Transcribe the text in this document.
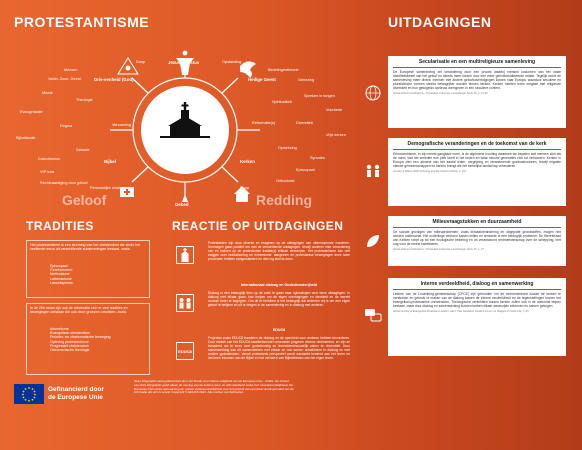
PROTESTANTISME
Jezus Christus
Drie-eenheid (God)	Heilige Geest
Bijbel	Kerken
Gebed
Doop
Mensen
Vader, Zoon, Geest
Missie
Theologie
Evangelisatie
Dogma
Bijbelstudie
Genade
Catechismus
VIP sola
Rechtvaardiging door geloof
Persoonlijke relatie
Verzoening
Opstanding
Bedelingentheorie
Genezing
Spreken in tongen
Spiritualiteit
Voorbede
Reformatie(s)	Diversiteit
Vrije kerken
Opwekking
Synodes
Episcopaal
Orthodoxie
Doop
Geloof	Redding
TRADITIES
Het protestantisme is een stroming van het christendom die sinds het zestiende eeuw uit verschillende substromingen bestaat, zoals:
Episcopaal
Gereformeerd
Methodisme
Lutheranisme
Lancelisphims
In de 20e eeuw zijn ook de reformatie zich er veel tradities en bewegingen ontstaan die ook deze groepen omvatten, zoals:
Adventisme
Evangelisch christendom
Pinkster- en charismatische beweging
Opleving protestantisme
Progressief christendom
Oecumenische theologie
REACTIE OP UITDAGINGEN
Protestanten zijn door diverse en reageren op de uitdagingen van uiteenlopende manieren. Sommigen gaan positief om met de verschillende uitdagingen, terwijl anderen elke verandering van en invloed op de protestantse traditie(s) kritisch verwerpen. Het protestantisme kan niet zwijgen over radicalisering en extremisme: aangezien de protestantse bewegingen deze twee processen hebben aangewakkerd en dat nog steeds doen.
Internationaal dialoog en Godsdienstvrijheid
Dialoog is een belangrijk item op de zoek te gaan naar oplossingen voor deze uitdagingen. In dialoog met elkaar gaan, kan helpen om de eigen overtuigingen en identiteit en de wereld rondom beter te begrijpen. Om dit te bereiken is het belangrijk dat iedereen vrij is om een eigen geloof te belijden en uit te dragen in de samenleving en in dialoog met anderen.
EDUC8
EDUC8
Projecten zoals EDUC8 bundelen de dialoog en de openheid voor anderen hebben bevorderen. Door middel van het EDUC8-kwaliteitsmodel ontmoeten jongeren diverse deelnemers, en zijn ze benaderd om te leren over godsdienstig en levensbeschouwelijk zaken en diversiteit. Door samenwerking kan dit samenwerken met elkaar en ook samen ontwikkelen in dialoog en met andere godsdiensten. Vanuit protestants perspectief wordt aandacht besteed aan het leven en het leren inkomen van de Bijbel en het verhalen van Bijbelteksten van het eigen leven.
Gefinancierd door
de Europese Unie
Deze infographic werd gefinancierd door het Fonds voor interne veiligheid van de Europese Unie - Politie. De inhoud van deze infographic geeft alleen de mening van de auteurs weer en valt uitsluitend onder hun verantwoordelijkheid. De Europese Commissie aanvaardt geen enkele verantwoordelijkheid voor het gebruik dat eventueel wordt gemaakt van de informatie die erin is vervat. Copyright © EDUC8 2021. Alle rechten voorbehouden.
UITDAGINGEN
Secularisatie en een multireligieuze samenleving
De Europese samenleving zet verandering door een proces waarbij mensen loskomen van het vaste identiteitsbesef van het geloof en steeds meer kiezen voor een meer geïndividualiseerde relatie. Tegelijk wordt de samenleving meer divers: mensen met andere geloofsovertuigingen komen naar Europa, waardoor seculiere en pluralistische vormen steeds belangrijker worden binnen kerken. Kerken moeten leren omgaan met religieuze diversiteit en hun getuigenis opnieuw vormgeven in een seculiere context.
Social-ethical contributions • Protestant in Europa: Leuenberger Texts 15, p. 27-33
Demografische veranderingen en de toekomst van de kerk
Ethnocentrisme, in zijn meest gangbare vorm, is de algemene houding waarmee we bepalen wat mensen zien als de norm, wat het verleden een plek heeft in het heden en waar nieuwe generaties zich tot verhouden. Kerken in Europa zien een afname van het aantal leden, vergrijzing en veranderende gezinsstructuren, terwijl migratie nieuwe gemeenschappen en kerken brengt die het kerkelijke landschap veranderen.
Hussey & Wilcox 2020, Ethnicity and the Future of Race, p. 151
Milieuvraagstukken en duurzaamheid
De sociale gevolgen van milieuproblemen, zoals klimaatverandering en uitgeputte grondstoffen, mogen niet worden onderschat. Het onderlinge verband tussen milieu en armoede is een belangrijk probleem. De Wereldraad van Kerken roept op tot een ecologische bekering en tot verantwoord rentmeesterschap over de schepping, met oog voor de meest kwetsbaren.
Social-ethical contributions • Protestant in Europa: Leuenberger Texts 15, p. 27
Interne verdeeldheid, dialoog en samenwerking
Leiders van de Leuenberg-gemeenschap (CPCE) zijn gehouden om de verbondenheid tussen de kerken te versterken en gebruik te maken van de dialoog tussen de interne verdeeldheid en de tegenstellingen binnen het evangelisch-protestantse christendom. Theologische verschillen tussen kerken zullen ook in de toekomst blijven bestaan, maar door dialoog en samenwerking kunnen kerken elkaar wederzijds erkennen en samen getuigen.
Global Survey of Evangelical Protestant Leaders, 2011, Pew Research Center's Forum on Religion & Public Life, p. 65
